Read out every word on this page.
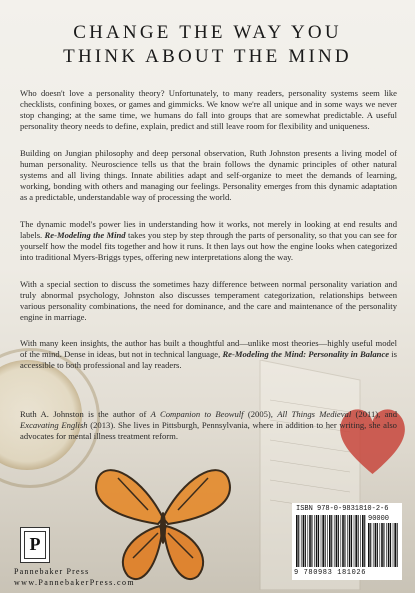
CHANGE THE WAY YOU
THINK ABOUT THE MIND

Who doesn't love a personality theory? Unfortunately, to many readers, personality systems seem like checklists, confining boxes, or games and gimmicks. We know we're all unique and in some ways we never stop changing; at the same time, we humans do fall into groups that are somewhat predictable. A useful personality theory needs to define, explain, predict and still leave room for flexibility and uniqueness.

Building on Jungian philosophy and deep personal observation, Ruth Johnston presents a living model of human personality. Neuroscience tells us that the brain follows the dynamic principles of other natural systems and all living things. Innate abilities adapt and self-organize to meet the demands of learning, working, bonding with others and managing our feelings. Personality emerges from this dynamic adaptation as a predictable, understandable way of processing the world.

The dynamic model's power lies in understanding how it works, not merely in looking at end results and labels. Re-Modeling the Mind takes you step by step through the parts of personality, so that you can see for yourself how the model fits together and how it runs. It then lays out how the engine looks when categorized into traditional Myers-Briggs types, offering new interpretations along the way.

With a special section to discuss the sometimes hazy difference between normal personality variation and truly abnormal psychology, Johnston also discusses temperament categorization, relationships between various personality combinations, the need for dominance, and the care and maintenance of the personality engine in marriage.

With many keen insights, the author has built a thoughtful and—unlike most theories—highly useful model of the mind. Dense in ideas, but not in technical language, Re-Modeling the Mind: Personality in Balance is accessible to both professional and lay readers.

Ruth A. Johnston is the author of A Companion to Beowulf (2005), All Things Medieval (2011), and Excavating English (2013). She lives in Pittsburgh, Pennsylvania, where in addition to her writing, she also advocates for mental illness treatment reform.

P

Pannebaker Press

www.PannebakerPress.com

ISBN 978-0-9831810-2-6
90000
9 780983 181026
